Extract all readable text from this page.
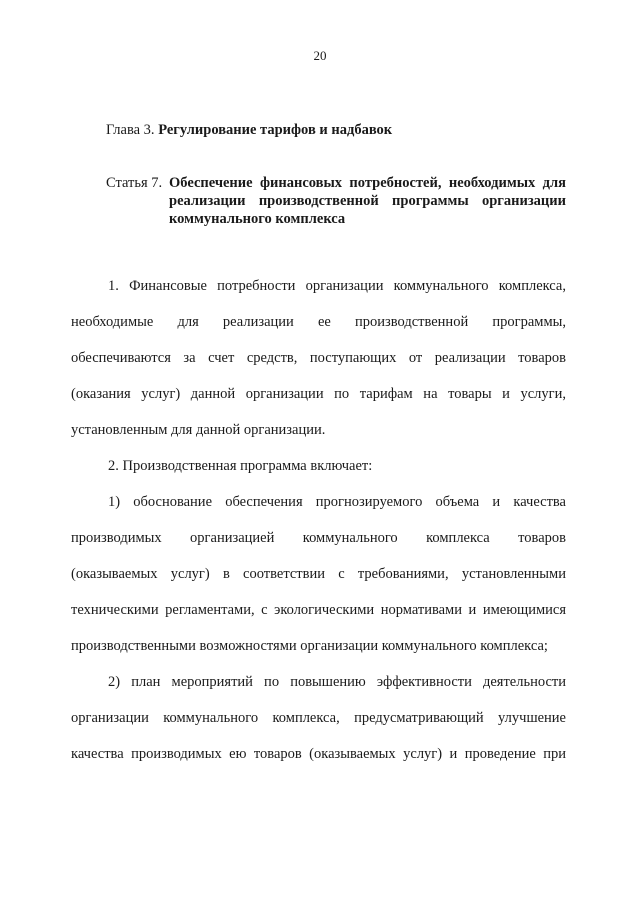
20
Глава 3. Регулирование тарифов и надбавок
Статья 7. Обеспечение финансовых потребностей, необходимых для
реализации производственной программы организации
коммунального комплекса
1. Финансовые потребности организации коммунального комплекса,
необходимые для реализации ее производственной программы,
обеспечиваются за счет средств, поступающих от реализации товаров
(оказания услуг) данной организации по тарифам на товары и услуги,
установленным для данной организации.
2. Производственная программа включает:
1) обоснование обеспечения прогнозируемого объема и качества
производимых организацией коммунального комплекса товаров
(оказываемых услуг) в соответствии с требованиями, установленными
техническими регламентами, с экологическими нормативами и имеющимися
производственными возможностями организации коммунального комплекса;
2) план мероприятий по повышению эффективности деятельности
организации коммунального комплекса, предусматривающий улучшение
качества производимых ею товаров (оказываемых услуг) и проведение при
